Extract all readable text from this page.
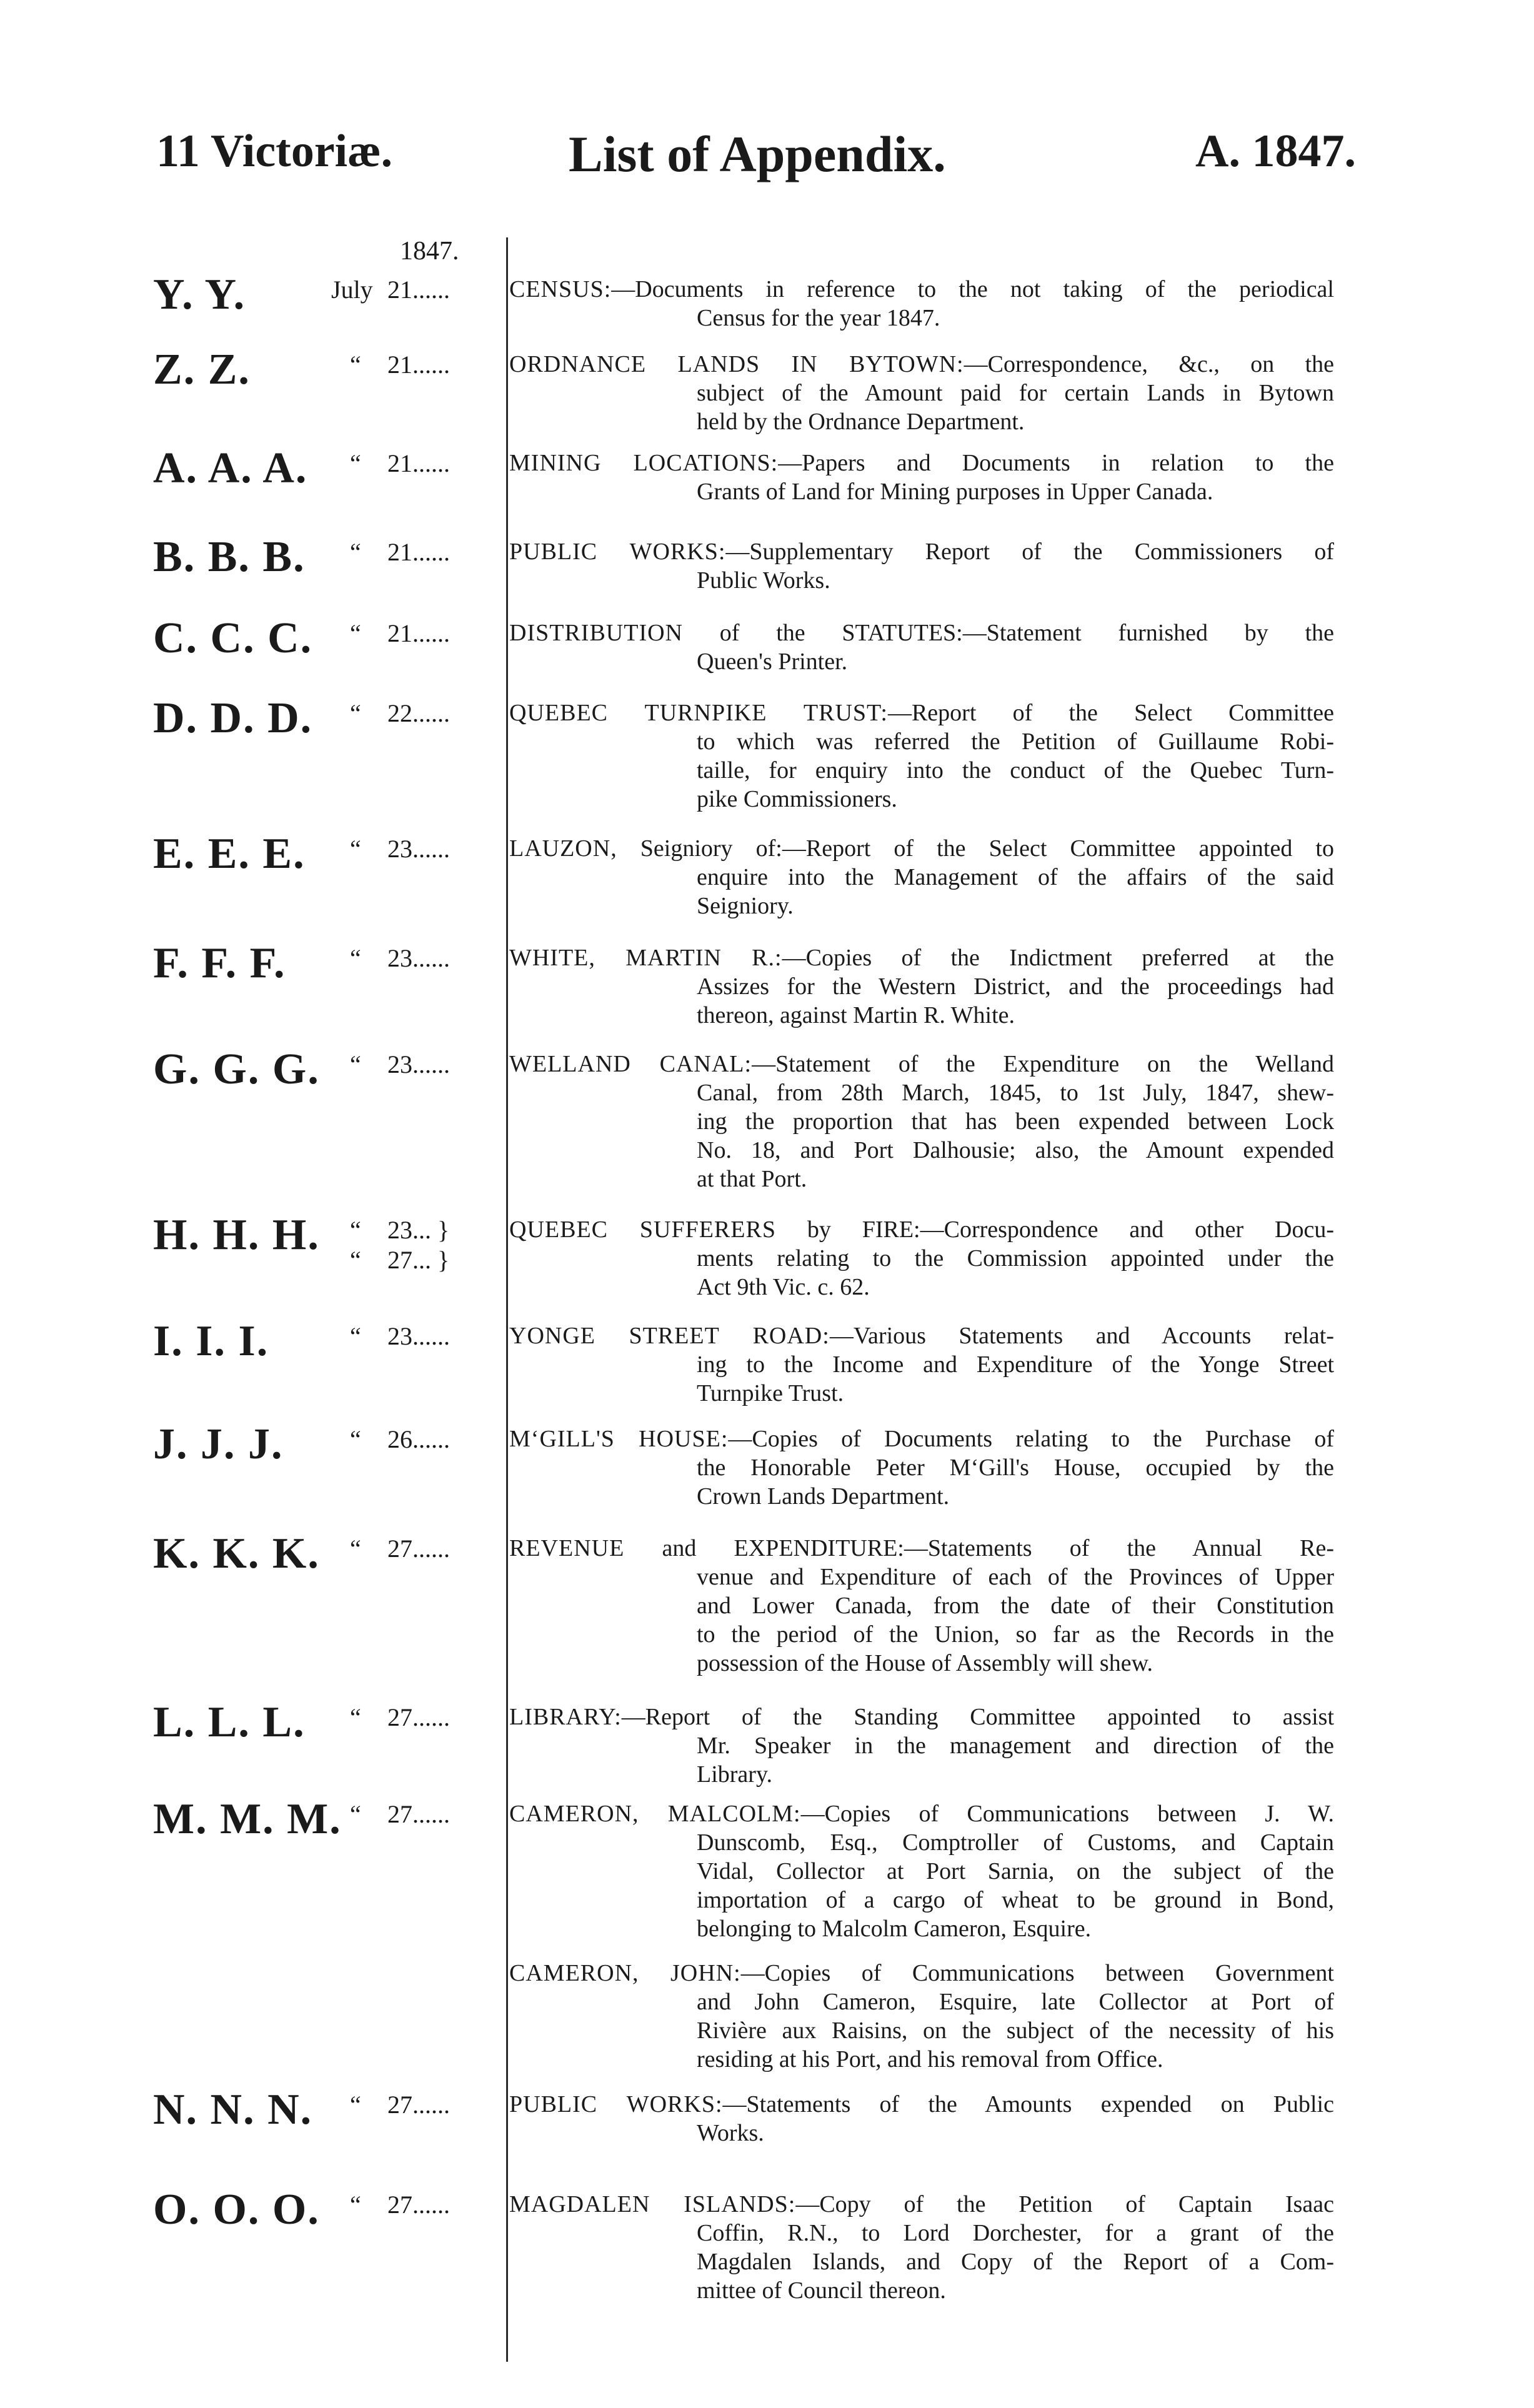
11 Victoriæ.	List of Appendix.	A. 1847.
1847.
Y. Y.	July 21......	CENSUS:—Documents in reference to the not taking of the periodical
Census for the year 1847.
Z. Z.	“ 21......	ORDNANCE LANDS IN BYTOWN:—Correspondence, &c., on the
subject of the Amount paid for certain Lands in Bytown
held by the Ordnance Department.
A. A. A.	“ 21......	MINING LOCATIONS:—Papers and Documents in relation to the
Grants of Land for Mining purposes in Upper Canada.
B. B. B.	“ 21......	PUBLIC WORKS:—Supplementary Report of the Commissioners of
Public Works.
C. C. C.	“ 21......	DISTRIBUTION of the STATUTES:—Statement furnished by the
Queen's Printer.
D. D. D.	“ 22......	QUEBEC TURNPIKE TRUST:—Report of the Select Committee
to which was referred the Petition of Guillaume Robi-
taille, for enquiry into the conduct of the Quebec Turn-
pike Commissioners.
E. E. E.	“ 23......	LAUZON, Seigniory of:—Report of the Select Committee appointed to
enquire into the Management of the affairs of the said
Seigniory.
F. F. F.	“ 23......	WHITE, MARTIN R.:—Copies of the Indictment preferred at the
Assizes for the Western District, and the proceedings had
thereon, against Martin R. White.
G. G. G.	“ 23......	WELLAND CANAL:—Statement of the Expenditure on the Welland
Canal, from 28th March, 1845, to 1st July, 1847, shew-
ing the proportion that has been expended between Lock
No. 18, and Port Dalhousie; also, the Amount expended
at that Port.
H. H. H.	“ 23... }
“ 27... }
QUEBEC SUFFERERS by FIRE:—Correspondence and other Docu-
ments relating to the Commission appointed under the
Act 9th Vic. c. 62.
I. I. I.	“ 23......	YONGE STREET ROAD:—Various Statements and Accounts relat-
ing to the Income and Expenditure of the Yonge Street
Turnpike Trust.
J. J. J.	“ 26......	M‘GILL'S HOUSE:—Copies of Documents relating to the Purchase of
the Honorable Peter M‘Gill's House, occupied by the
Crown Lands Department.
K. K. K.	“ 27......	REVENUE and EXPENDITURE:—Statements of the Annual Re-
venue and Expenditure of each of the Provinces of Upper
and Lower Canada, from the date of their Constitution
to the period of the Union, so far as the Records in the
possession of the House of Assembly will shew.
L. L. L.	“ 27......	LIBRARY:—Report of the Standing Committee appointed to assist
Mr. Speaker in the management and direction of the
Library.
M. M. M. “ 27......	CAMERON, MALCOLM:—Copies of Communications between J. W.
Dunscomb, Esq., Comptroller of Customs, and Captain
Vidal, Collector at Port Sarnia, on the subject of the
importation of a cargo of wheat to be ground in Bond,
belonging to Malcolm Cameron, Esquire.
CAMERON, JOHN:—Copies of Communications between Government
and John Cameron, Esquire, late Collector at Port of
Rivière aux Raisins, on the subject of the necessity of his
residing at his Port, and his removal from Office.
N. N. N.	“ 27......	PUBLIC WORKS:—Statements of the Amounts expended on Public
Works.
O. O. O.	“ 27......	MAGDALEN ISLANDS:—Copy of the Petition of Captain Isaac
Coffin, R.N., to Lord Dorchester, for a grant of the
Magdalen Islands, and Copy of the Report of a Com-
mittee of Council thereon.
